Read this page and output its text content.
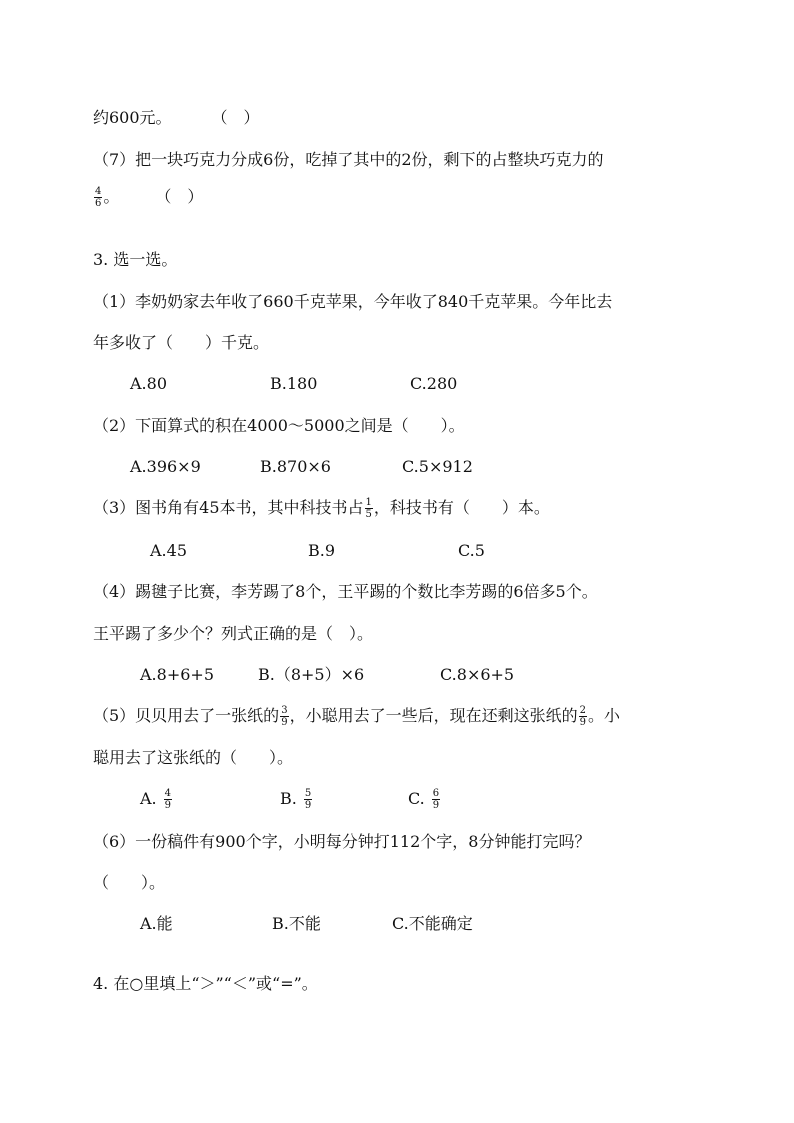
约600元。	（　）
（7）把一块巧克力分成6份，吃掉了其中的2份，剩下的占整块巧克力的
$\frac{4}{6}$ 。 （　）
3. 选一选。
（1）李奶奶家去年收了660千克苹果，今年收了840千克苹果。今年比去
年多收了（　　）千克。
A.80	B.180	C.280
（2）下面算式的积在4000～5000之间是（　　）。
A.396×9	B.870×6	C.5×912
（3）图书角有45本书，其中科技书占 $\frac{1}{5}$ ，科技书有（　　）本。
A.45	B.9	C.5
（4）踢毽子比赛，李芳踢了8个，王平踢的个数比李芳踢的6倍多5个。
王平踢了多少个？列式正确的是（　）。
A.8+6+5	B.（8+5）×6	C.8×6+5
（5）贝贝用去了一张纸的 $\frac{3}{9}$ ，小聪用去了一些后，现在还剩这张纸的 $\frac{2}{9}$ 。小
聪用去了这张纸的（　　）。
A. $\frac{4}{9}$	B. $\frac{5}{9}$	C. $\frac{6}{9}$
（6）一份稿件有900个字，小明每分钟打112个字，8分钟能打完吗？
（　　）。
A.能	B.不能	C.不能确定
4. 在○里填上“＞”“＜”或“=”。
